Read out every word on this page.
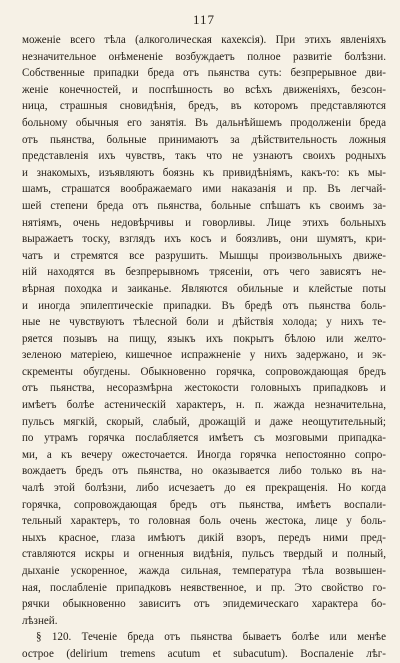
117
моженіе всего тѣла (алкоголическая кахексія). При этихъ явленіяхъ
незначительное онѣмененіе возбуждаетъ полное развитіе болѣзни.
Собственные припадки бреда отъ пьянства суть: безпрерывное дви-
женіе конечностей, и поспѣшность во всѣхъ движеніяхъ, безсон-
ница, страшныя сновидѣнія, бредъ, въ которомъ представляются
больному обычныя его занятія. Въ дальнѣйшемъ продолженіи бреда
отъ пьянства, больные принимаютъ за дѣйствительность ложныя
представленія ихъ чувствъ, такъ что не узнаютъ своихъ родныхъ
и знакомыхъ, изъявляютъ боязнь къ привидѣніямъ, какъ-то: къ мы-
шамъ, страшатся воображаемаго ими наказанія и пр. Въ легчай-
шей степени бреда отъ пьянства, больные спѣшатъ къ своимъ за-
нятіямъ, очень недовѣрчивы и говорливы. Лице этихъ больныхъ
выражаетъ тоску, взглядъ ихъ косъ и боязливъ, они шумятъ, кри-
чатъ и стремятся все разрушить. Мышцы произвольныхъ движе-
ній находятся въ безпрерывномъ трясеніи, отъ чего зависятъ не-
вѣрная походка и заиканье. Являются обильные и клейстые поты
и иногда эпилептическіе припадки. Въ бредѣ отъ пьянства боль-
ные не чувствуютъ тѣлесной боли и дѣйствія холода; у нихъ те-
ряется позывъ на пищу, языкъ ихъ покрытъ бѣлою или желто-
зеленою матеріею, кишечное испражненіе у нихъ задержано, и эк-
скременты обугдены. Обыкновенно горячка, сопровождающая бредъ
отъ пьянства, несоразмѣрна жестокости головныхъ припадковъ и
имѣетъ болѣе астеническій характеръ, н. п. жажда незначительна,
пульсъ мягкій, скорый, слабый, дрожащій и даже неощутительный;
по утрамъ горячка послабляется имѣетъ съ мозговыми припадка-
ми, а къ вечеру ожесточается. Иногда горячка непостоянно сопро-
вождаетъ бредъ отъ пьянства, но оказывается либо только въ на-
чалѣ этой болѣзни, либо исчезаетъ до ея прекращенія. Но когда
горячка, сопровождающая бредъ отъ пьянства, имѣетъ воспали-
тельный характеръ, то головная боль очень жестока, лице у боль-
ныхъ красное, глаза имѣютъ дикій взоръ, передъ ними пред-
ставляются искры и огненныя видѣнія, пульсъ твердый и полный,
дыханіе ускоренное, жажда сильная, температура тѣла возвышен-
ная, послабленіе припадковъ неявственное, и пр. Это свойство го-
рячки обыкновенно зависитъ отъ эпидемическаго характера бо-
лѣзней.
§ 120. Теченіе бреда отъ пьянства бываетъ болѣе или менѣе
острое (delirium tremens acutum et subacutum). Воспаленіе лѣг-
